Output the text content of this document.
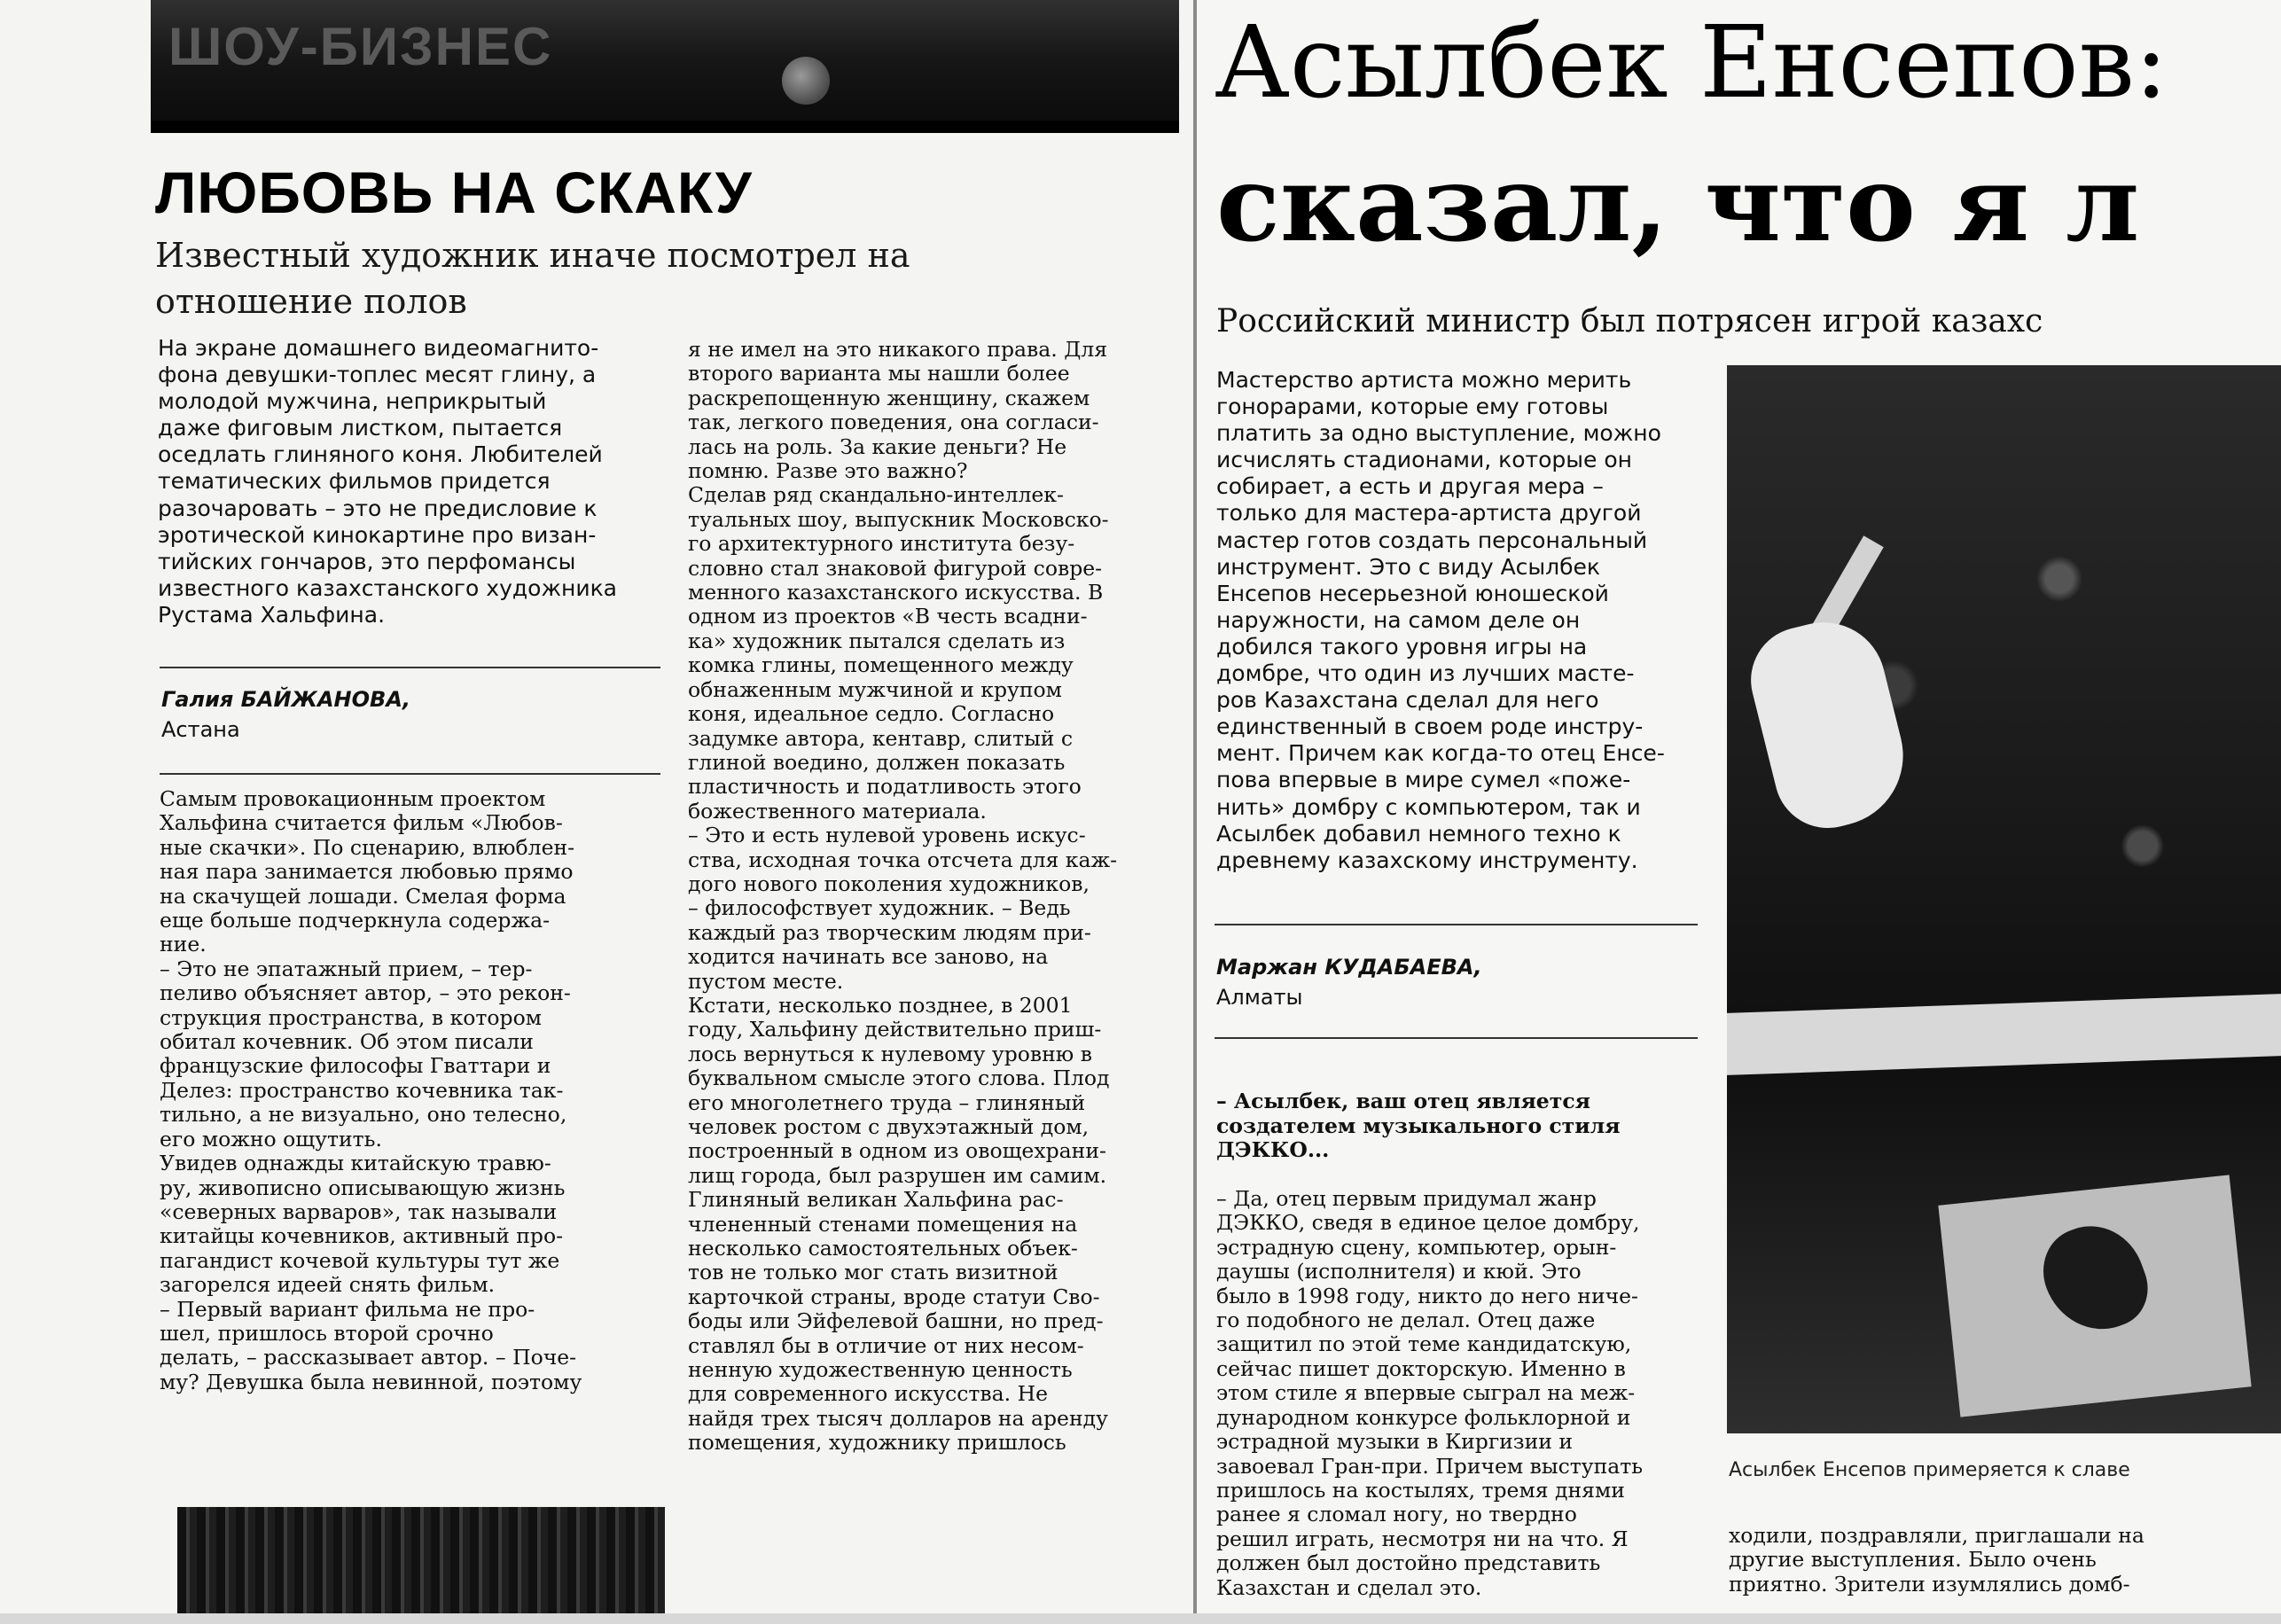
ШОУ-БИЗНЕС
ЛЮБОВЬ НА СКАКУ
Известный художник иначе посмотрел на отношение полов

На экране домашнего видеомагнито-
фона девушки-топлес месят глину, а
молодой мужчина, неприкрытый
даже фиговым листком, пытается
оседлать глиняного коня. Любителей
тематических фильмов придется
разочаровать – это не предисловие к
эротической кинокартине про визан-
тийских гончаров, это перфомансы
известного казахстанского художника
Рустама Хальфина.

Галия БАЙЖАНОВА,
Астана

Самым провокационным проектом
Хальфина считается фильм «Любов-
ные скачки». По сценарию, влюблен-
ная пара занимается любовью прямо
на скачущей лошади. Смелая форма
еще больше подчеркнула содержа-
ние.
– Это не эпатажный прием, – тер-
пеливо объясняет автор, – это рекон-
струкция пространства, в котором
обитал кочевник. Об этом писали
французские философы Гваттари и
Делез: пространство кочевника так-
тильно, а не визуально, оно телесно,
его можно ощутить.
Увидев однажды китайскую травю-
ру, живописно описывающую жизнь
«северных варваров», так называли
китайцы кочевников, активный про-
пагандист кочевой культуры тут же
загорелся идеей снять фильм.
– Первый вариант фильма не про-
шел, пришлось второй срочно
делать, – рассказывает автор. – Поче-
му? Девушка была невинной, поэтому

я не имел на это никакого права. Для
второго варианта мы нашли более
раскрепощенную женщину, скажем
так, легкого поведения, она согласи-
лась на роль. За какие деньги? Не
помню. Разве это важно?
Сделав ряд скандально-интеллек-
туальных шоу, выпускник Московско-
го архитектурного института безу-
словно стал знаковой фигурой совре-
менного казахстанского искусства. В
одном из проектов «В честь всадни-
ка» художник пытался сделать из
комка глины, помещенного между
обнаженным мужчиной и крупом
коня, идеальное седло. Согласно
задумке автора, кентавр, слитый с
глиной воедино, должен показать
пластичность и податливость этого
божественного материала.
– Это и есть нулевой уровень искус-
ства, исходная точка отсчета для каж-
дого нового поколения художников,
– философствует художник. – Ведь
каждый раз творческим людям при-
ходится начинать все заново, на
пустом месте.
Кстати, несколько позднее, в 2001
году, Хальфину действительно приш-
лось вернуться к нулевому уровню в
буквальном смысле этого слова. Плод
его многолетнего труда – глиняный
человек ростом с двухэтажный дом,
построенный в одном из овощехрани-
лищ города, был разрушен им самим.
Глиняный великан Хальфина рас-
члененный стенами помещения на
несколько самостоятельных объек-
тов не только мог стать визитной
карточкой страны, вроде статуи Сво-
боды или Эйфелевой башни, но пред-
ставлял бы в отличие от них несом-
ненную художественную ценность
для современного искусства. Не
найдя трех тысяч долларов на аренду
помещения, художнику пришлось

Асылбек Енсепов:
сказал, что я л
Российский министр был потрясен игрой казахс

Мастерство артиста можно мерить
гонорарами, которые ему готовы
платить за одно выступление, можно
исчислять стадионами, которые он
собирает, а есть и другая мера –
только для мастера-артиста другой
мастер готов создать персональный
инструмент. Это с виду Асылбек
Енсепов несерьезной юношеской
наружности, на самом деле он
добился такого уровня игры на
домбре, что один из лучших масте-
ров Казахстана сделал для него
единственный в своем роде инстру-
мент. Причем как когда-то отец Енсе-
пова впервые в мире сумел «поже-
нить» домбру с компьютером, так и
Асылбек добавил немного техно к
древнему казахскому инструменту.

Маржан КУДАБАЕВА,
Алматы

– Асылбек, ваш отец является
создателем музыкального стиля
ДЭККО...

– Да, отец первым придумал жанр
ДЭККО, сведя в единое целое домбру,
эстрадную сцену, компьютер, орын-
даушы (исполнителя) и кюй. Это
было в 1998 году, никто до него ниче-
го подобного не делал. Отец даже
защитил по этой теме кандидатскую,
сейчас пишет докторскую. Именно в
этом стиле я впервые сыграл на меж-
дународном конкурсе фольклорной и
эстрадной музыки в Киргизии и
завоевал Гран-при. Причем выступать
пришлось на костылях, тремя днями
ранее я сломал ногу, но твердно
решил играть, несмотря ни на что. Я
должен был достойно представить
Казахстан и сделал это.

Асылбек Енсепов примеряется к славе

ходили, поздравляли, приглашали на
другие выступления. Было очень
приятно. Зрители изумлялись домб-
